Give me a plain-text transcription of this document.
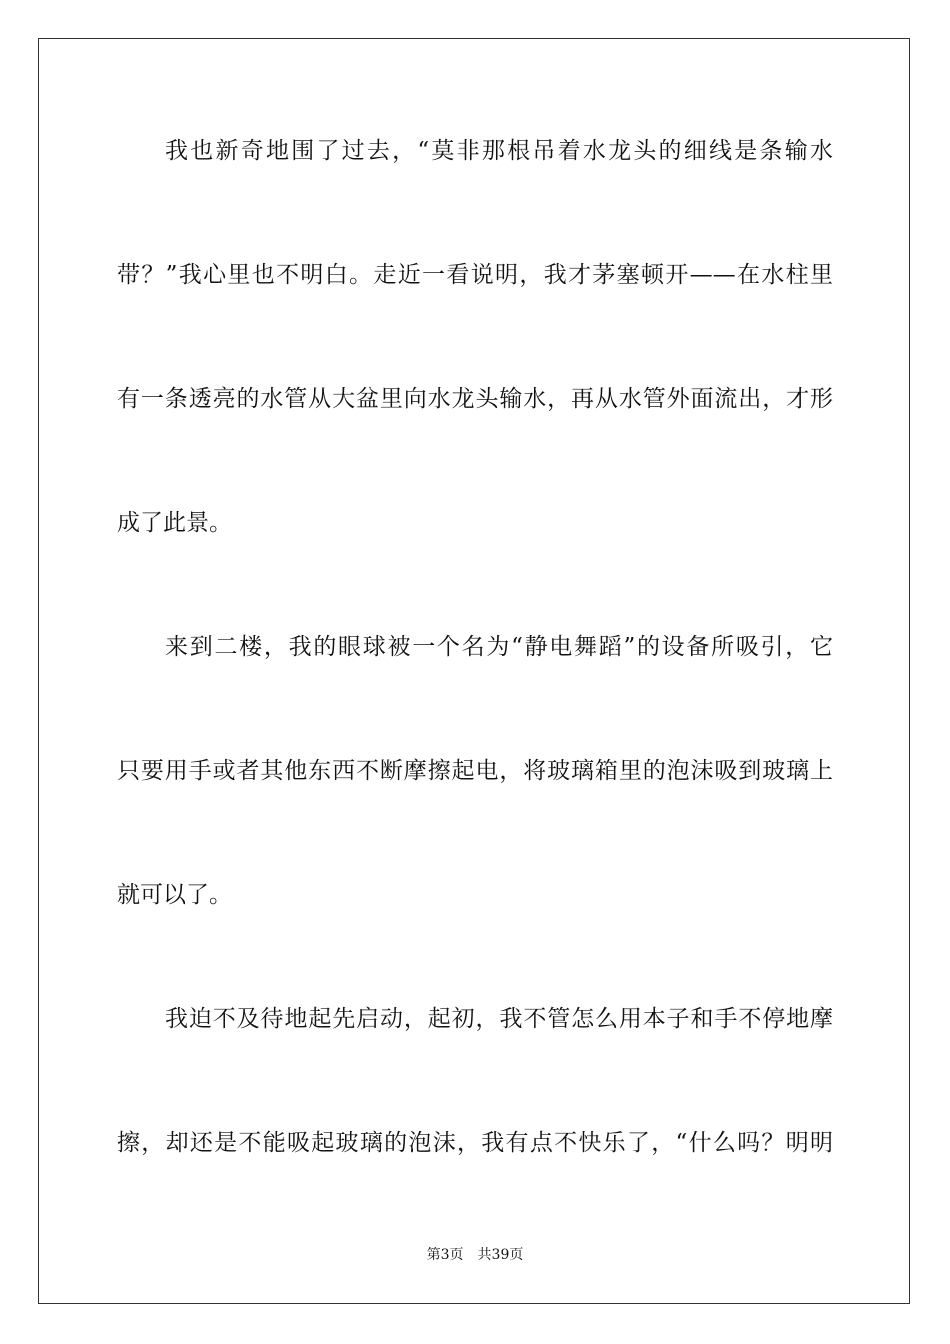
我也新奇地围了过去，“莫非那根吊着水龙头的细线是条输水
带？”我心里也不明白。走近一看说明，我才茅塞顿开——在水柱里
有一条透亮的水管从大盆里向水龙头输水，再从水管外面流出，才形
成了此景。
来到二楼，我的眼球被一个名为“静电舞蹈”的设备所吸引，它
只要用手或者其他东西不断摩擦起电，将玻璃箱里的泡沫吸到玻璃上
就可以了。
我迫不及待地起先启动，起初，我不管怎么用本子和手不停地摩
擦，却还是不能吸起玻璃的泡沫，我有点不快乐了，“什么吗？明明
第3页 共39页
